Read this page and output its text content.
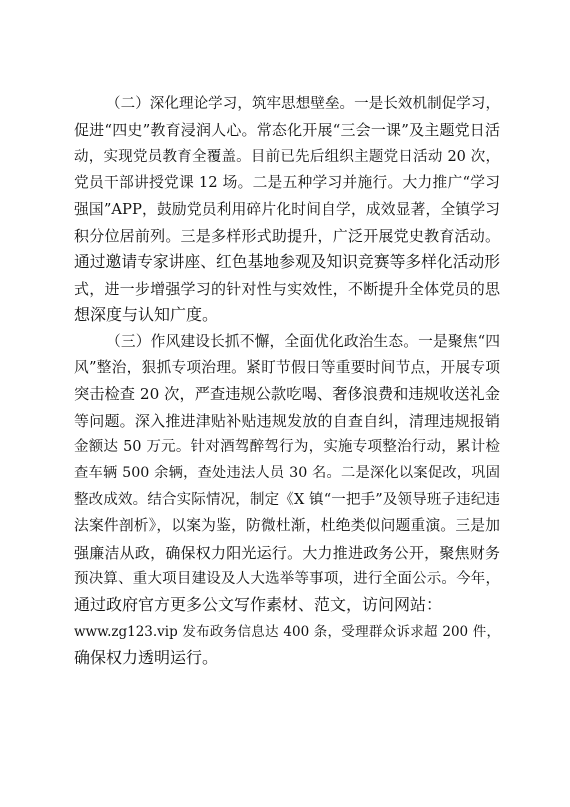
（二）深化理论学习，筑牢思想壁垒。一是长效机制促学习，
促进“四史”教育浸润人心。常态化开展“三会一课”及主题党日活
动，实现党员教育全覆盖。目前已先后组织主题党日活动 20 次，
党员干部讲授党课 12 场。二是五种学习并施行。大力推广“学习
强国”APP，鼓励党员利用碎片化时间自学，成效显著，全镇学习
积分位居前列。三是多样形式助提升，广泛开展党史教育活动。
通过邀请专家讲座、红色基地参观及知识竞赛等多样化活动形
式，进一步增强学习的针对性与实效性，不断提升全体党员的思
想深度与认知广度。
（三）作风建设长抓不懈，全面优化政治生态。一是聚焦“四
风”整治，狠抓专项治理。紧盯节假日等重要时间节点，开展专项
突击检查 20 次，严查违规公款吃喝、奢侈浪费和违规收送礼金
等问题。深入推进津贴补贴违规发放的自查自纠，清理违规报销
金额达 50 万元。针对酒驾醉驾行为，实施专项整治行动，累计检
查车辆 500 余辆，查处违法人员 30 名。二是深化以案促改，巩固
整改成效。结合实际情况，制定《X 镇“一把手”及领导班子违纪违
法案件剖析》，以案为鉴，防微杜渐，杜绝类似问题重演。三是加
强廉洁从政，确保权力阳光运行。大力推进政务公开，聚焦财务
预决算、重大项目建设及人大选举等事项，进行全面公示。今年，
通过政府官方更多公文写作素材、范文，访问网站：
www.zg123.vip 发布政务信息达 400 条，受理群众诉求超 200 件，
确保权力透明运行。
